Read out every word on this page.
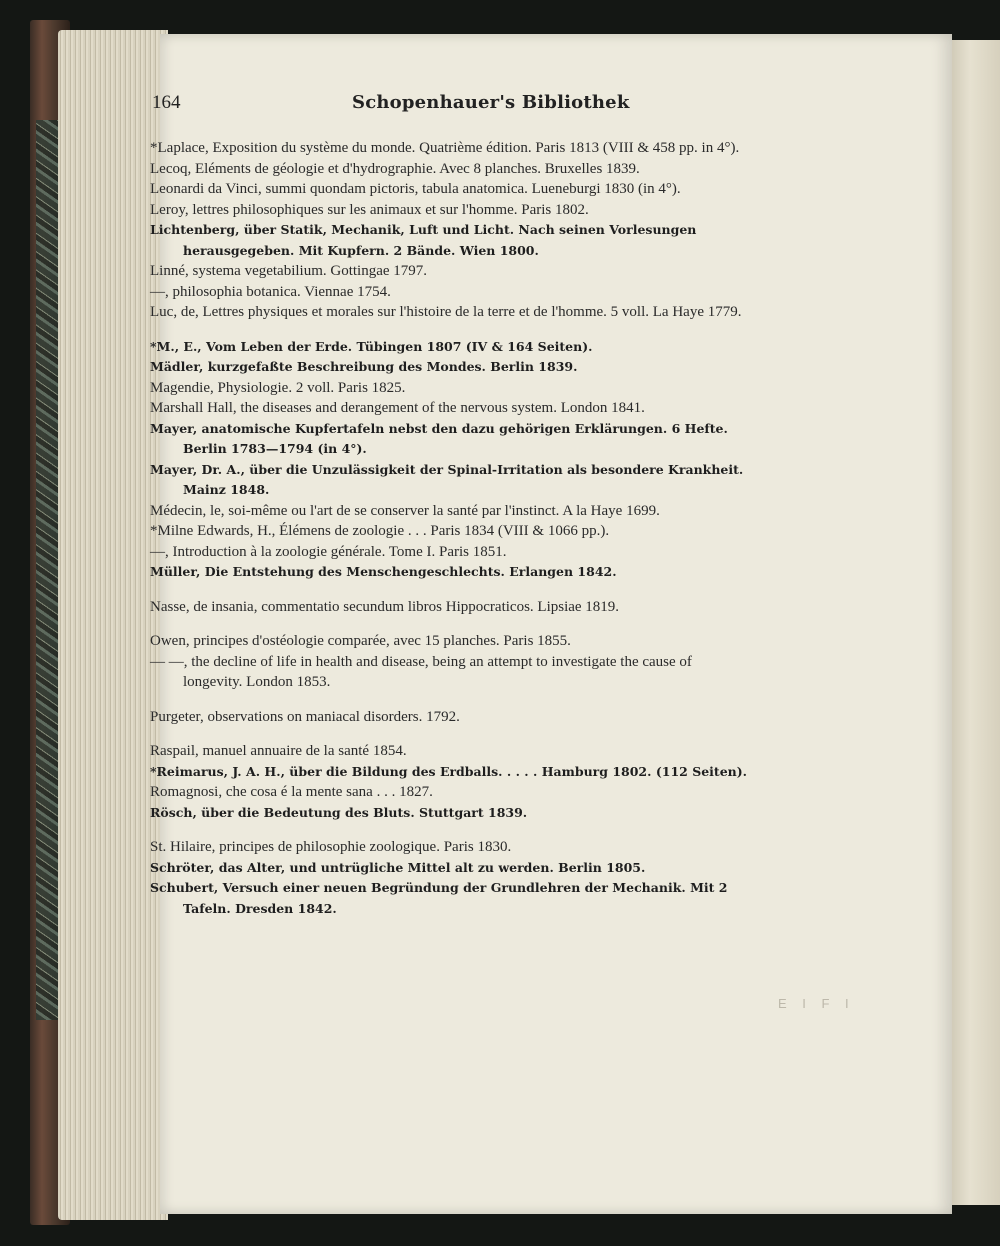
164	Schopenhauer's Bibliothek

*Laplace, Exposition du système du monde. Quatrième édition. Paris 1813 (VIII & 458 pp. in 4°).

Lecoq, Eléments de géologie et d'hydrographie. Avec 8 planches. Bruxelles 1839.

Leonardi da Vinci, summi quondam pictoris, tabula anatomica. Lueneburgi 1830 (in 4°).

Leroy, lettres philosophiques sur les animaux et sur l'homme. Paris 1802.

Lichtenberg, über Statik, Mechanik, Luft und Licht. Nach seinen Vorlesungen herausgegeben. Mit Kupfern. 2 Bände. Wien 1800.

Linné, systema vegetabilium. Gottingae 1797.

—, philosophia botanica. Viennae 1754.

Luc, de, Lettres physiques et morales sur l'histoire de la terre et de l'homme. 5 voll. La Haye 1779.

*M., E., Vom Leben der Erde. Tübingen 1807 (IV & 164 Seiten).

Mädler, kurzgefaßte Beschreibung des Mondes. Berlin 1839.

Magendie, Physiologie. 2 voll. Paris 1825.

Marshall Hall, the diseases and derangement of the nervous system. London 1841.

Mayer, anatomische Kupfertafeln nebst den dazu gehörigen Erklärungen. 6 Hefte. Berlin 1783—1794 (in 4°).

Mayer, Dr. A., über die Unzulässigkeit der Spinal-Irritation als besondere Krankheit. Mainz 1848.

Médecin, le, soi-même ou l'art de se conserver la santé par l'instinct. A la Haye 1699.

*Milne Edwards, H., Élémens de zoologie . . . Paris 1834 (VIII & 1066 pp.).

—, Introduction à la zoologie générale. Tome I. Paris 1851.

Müller, Die Entstehung des Menschengeschlechts. Erlangen 1842.

Nasse, de insania, commentatio secundum libros Hippocraticos. Lipsiae 1819.

Owen, principes d'ostéologie comparée, avec 15 planches. Paris 1855.

— —, the decline of life in health and disease, being an attempt to investigate the cause of longevity. London 1853.

Purgeter, observations on maniacal disorders. 1792.

Raspail, manuel annuaire de la santé 1854.

*Reimarus, J. A. H., über die Bildung des Erdballs. . . . . Hamburg 1802. (112 Seiten).

Romagnosi, che cosa é la mente sana . . . 1827.

Rösch, über die Bedeutung des Bluts. Stuttgart 1839.

St. Hilaire, principes de philosophie zoologique. Paris 1830.

Schröter, das Alter, und untrügliche Mittel alt zu werden. Berlin 1805.

Schubert, Versuch einer neuen Begründung der Grundlehren der Mechanik. Mit 2 Tafeln. Dresden 1842.

E I F I
